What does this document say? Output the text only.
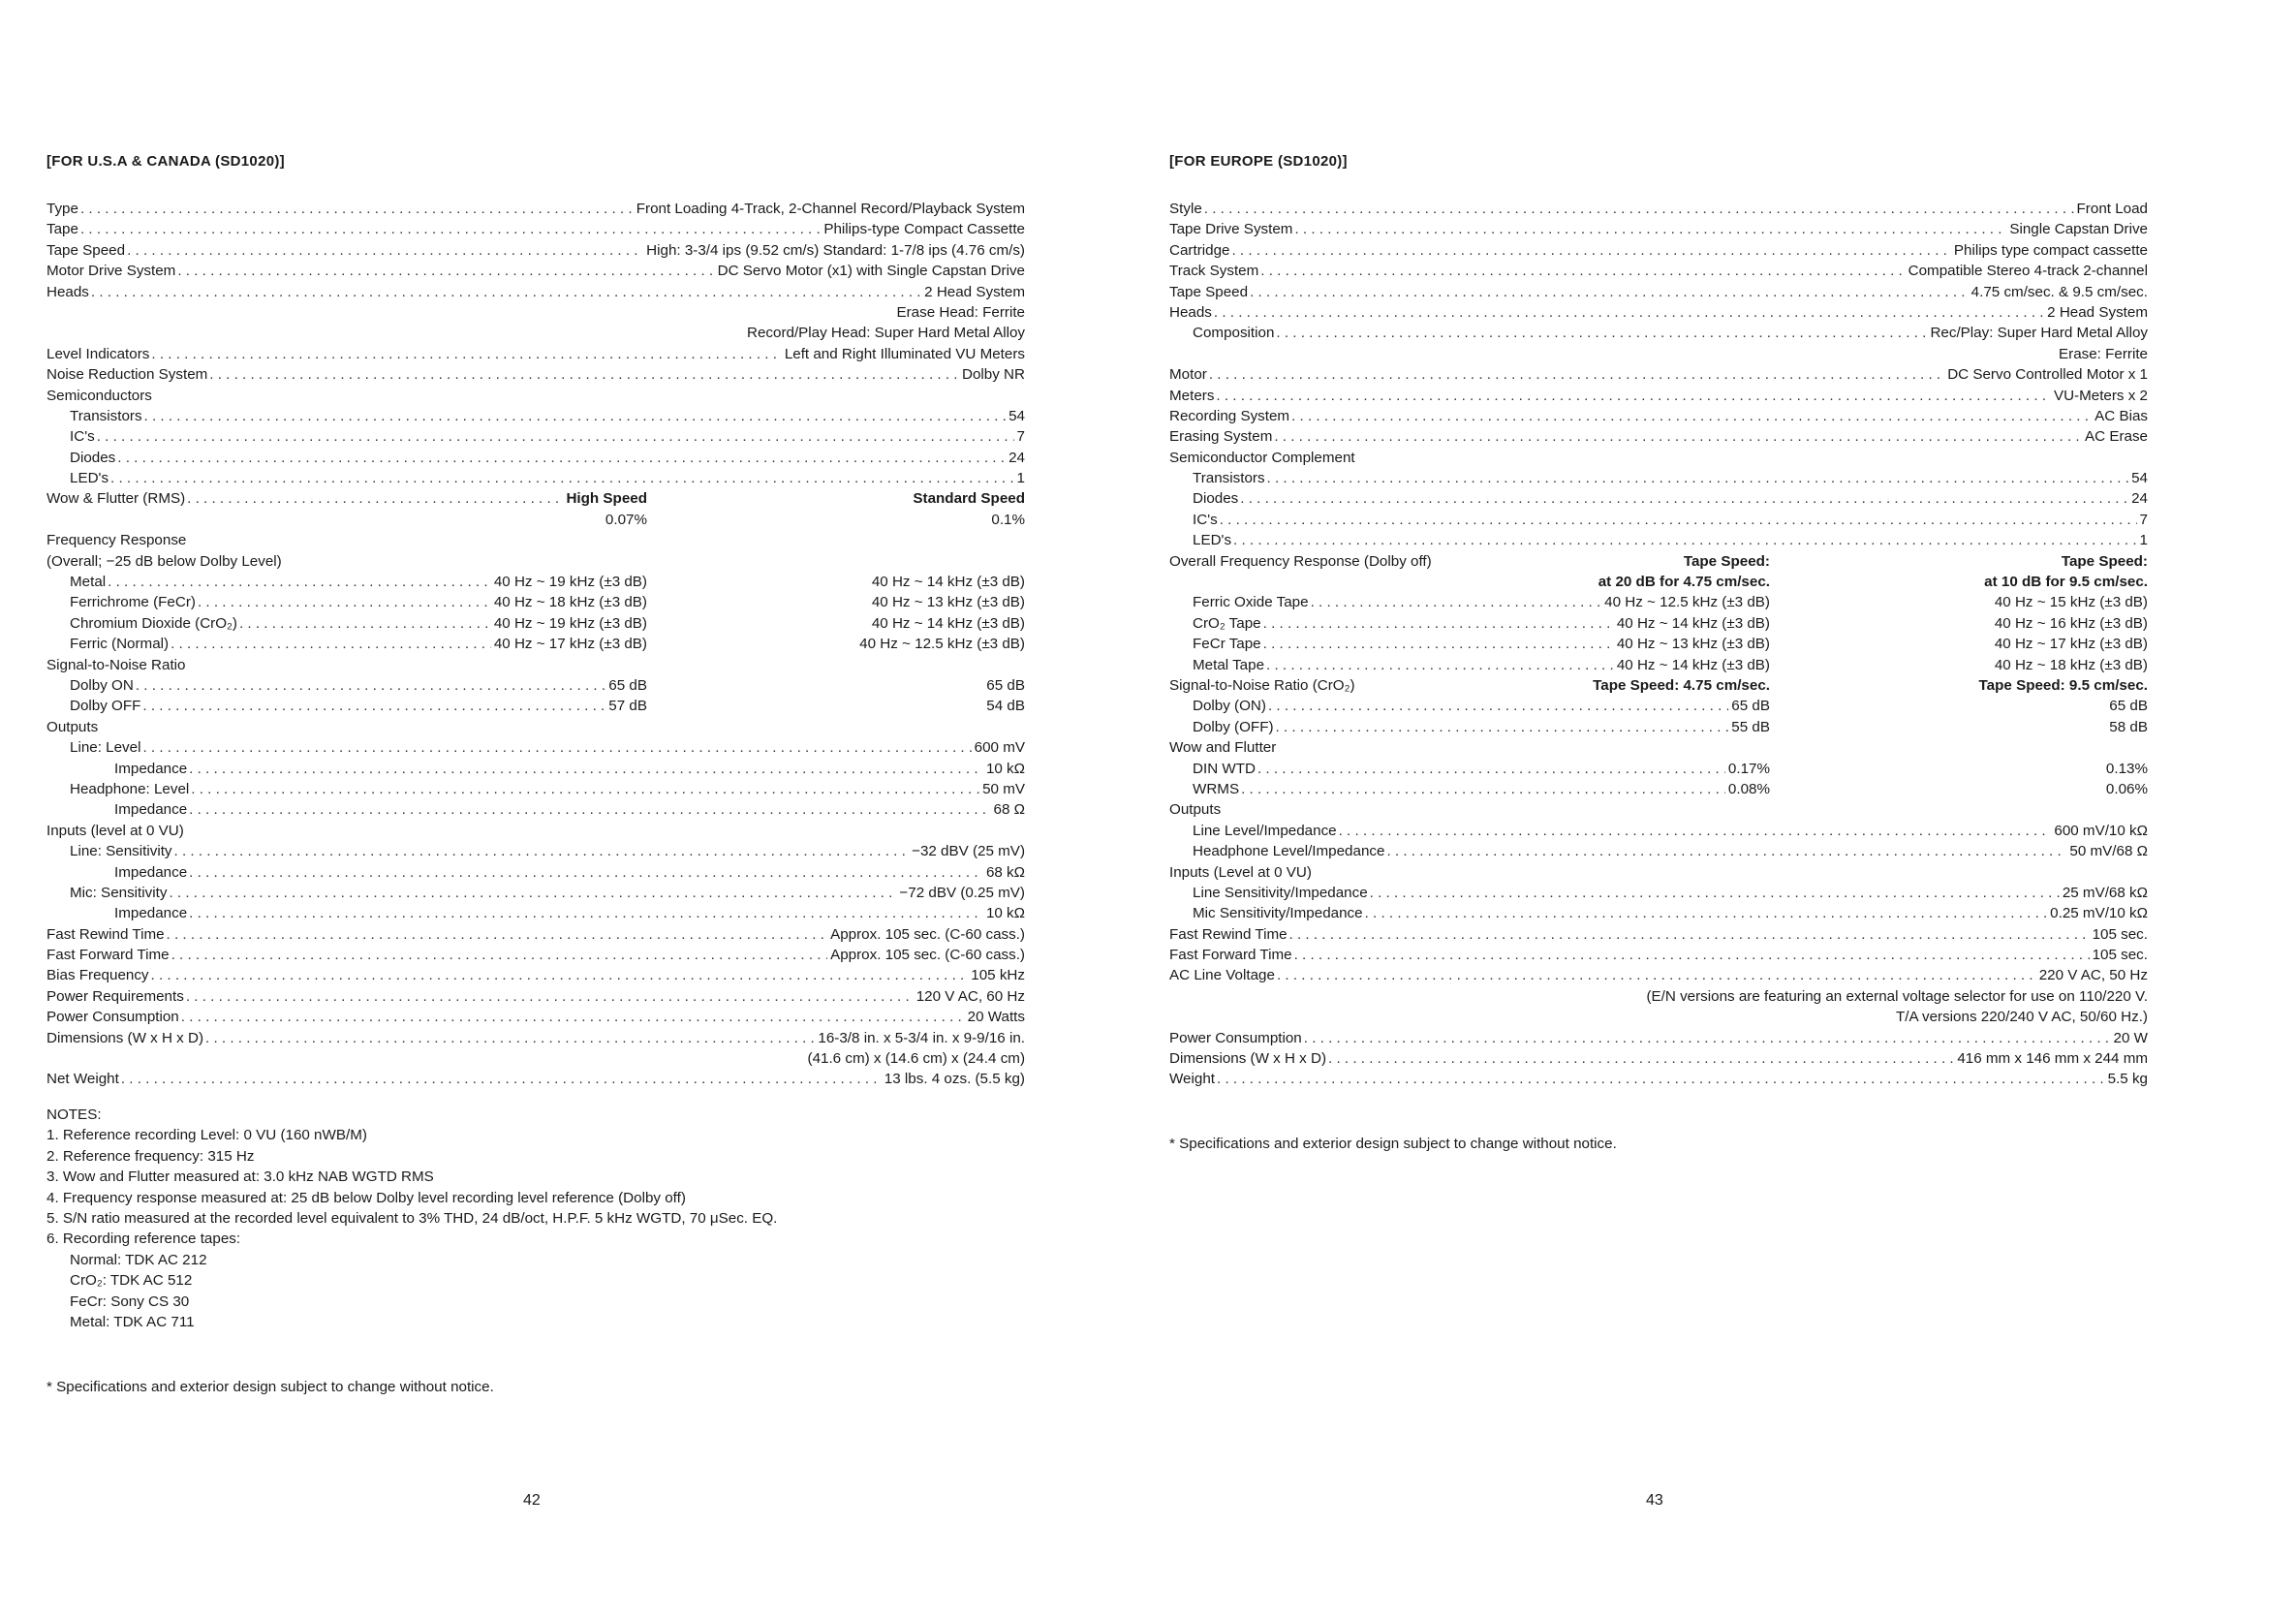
[FOR U.S.A & CANADA (SD1020)]
Type . . .	Front Loading 4-Track, 2-Channel Record/Playback System
Tape . . .	Philips-type Compact Cassette
Tape Speed . . .	High: 3-3/4 ips (9.52 cm/s) Standard: 1-7/8 ips (4.76 cm/s)
Motor Drive System . . .	DC Servo Motor (x1) with Single Capstan Drive
Heads . . .	2 Head System
Erase Head: Ferrite
Record/Play Head: Super Hard Metal Alloy
Level Indicators . . .	Left and Right Illuminated VU Meters
Noise Reduction System . . .	Dolby NR
Semiconductors
Transistors . . .	54
IC's . . .	7
Diodes . . .	24
LED's . . .	1
Wow & Flutter (RMS) . . .	High Speed	Standard Speed
0.07%	0.1%
Frequency Response
(Overall; −25 dB below Dolby Level)
Metal . . .	40 Hz ~ 19 kHz (±3 dB)	40 Hz ~ 14 kHz (±3 dB)
Ferrichrome (FeCr) . . .	40 Hz ~ 18 kHz (±3 dB)	40 Hz ~ 13 kHz (±3 dB)
Chromium Dioxide (CrO₂) . . .	40 Hz ~ 19 kHz (±3 dB)	40 Hz ~ 14 kHz (±3 dB)
Ferric (Normal) . . .	40 Hz ~ 17 kHz (±3 dB)	40 Hz ~ 12.5 kHz (±3 dB)
Signal-to-Noise Ratio
Dolby ON . . .	65 dB	65 dB
Dolby OFF . . .	57 dB	54 dB
Outputs
Line: Level . . .	600 mV
Impedance . . .	10 kΩ
Headphone: Level . . .	50 mV
Impedance . . .	68 Ω
Inputs (level at 0 VU)
Line: Sensitivity . . .	−32 dBV (25 mV)
Impedance . . .	68 kΩ
Mic: Sensitivity . . .	−72 dBV (0.25 mV)
Impedance . . .	10 kΩ
Fast Rewind Time . . .	Approx. 105 sec. (C-60 cass.)
Fast Forward Time . . .	Approx. 105 sec. (C-60 cass.)
Bias Frequency . . .	105 kHz
Power Requirements . . .	120 V AC, 60 Hz
Power Consumption . . .	20 Watts
Dimensions (W x H x D) . . .	16-3/8 in. x 5-3/4 in. x 9-9/16 in.
(41.6 cm) x (14.6 cm) x (24.4 cm)
Net Weight . . .	13 lbs. 4 ozs. (5.5 kg)
NOTES:
1. Reference recording Level: 0 VU (160 nWB/M)
2. Reference frequency: 315 Hz
3. Wow and Flutter measured at: 3.0 kHz NAB WGTD RMS
4. Frequency response measured at: 25 dB below Dolby level recording level reference (Dolby off)
5. S/N ratio measured at the recorded level equivalent to 3% THD, 24 dB/oct, H.P.F. 5 kHz WGTD, 70 μSec. EQ.
6. Recording reference tapes:
Normal: TDK AC 212
CrO₂: TDK AC 512
FeCr: Sony CS 30
Metal: TDK AC 711
* Specifications and exterior design subject to change without notice.
42
[FOR EUROPE (SD1020)]
Style . . .	Front Load
Tape Drive System . . .	Single Capstan Drive
Cartridge . . .	Philips type compact cassette
Track System . . .	Compatible Stereo 4-track 2-channel
Tape Speed . . .	4.75 cm/sec. & 9.5 cm/sec.
Heads . . .	2 Head System
Composition . . .	Rec/Play: Super Hard Metal Alloy
Erase: Ferrite
Motor . . .	DC Servo Controlled Motor x 1
Meters . . .	VU-Meters x 2
Recording System . . .	AC Bias
Erasing System . . .	AC Erase
Semiconductor Complement
Transistors . . .	54
Diodes . . .	24
IC's . . .	7
LED's . . .	1
Overall Frequency Response (Dolby off)	Tape Speed:	Tape Speed:
at 20 dB for 4.75 cm/sec.	at 10 dB for 9.5 cm/sec.
Ferric Oxide Tape . . .	40 Hz ~ 12.5 kHz (±3 dB)	40 Hz ~ 15 kHz (±3 dB)
CrO₂ Tape . . .	40 Hz ~ 14 kHz (±3 dB)	40 Hz ~ 16 kHz (±3 dB)
FeCr Tape . . .	40 Hz ~ 13 kHz (±3 dB)	40 Hz ~ 17 kHz (±3 dB)
Metal Tape . . .	40 Hz ~ 14 kHz (±3 dB)	40 Hz ~ 18 kHz (±3 dB)
Signal-to-Noise Ratio (CrO₂)	Tape Speed: 4.75 cm/sec.	Tape Speed: 9.5 cm/sec.
Dolby (ON) . . .	65 dB	65 dB
Dolby (OFF) . . .	55 dB	58 dB
Wow and Flutter
DIN WTD . . .	0.17%	0.13%
WRMS . . .	0.08%	0.06%
Outputs
Line Level/Impedance . . .	600 mV/10 kΩ
Headphone Level/Impedance . . .	50 mV/68 Ω
Inputs (Level at 0 VU)
Line Sensitivity/Impedance . . .	25 mV/68 kΩ
Mic Sensitivity/Impedance . . .	0.25 mV/10 kΩ
Fast Rewind Time . . .	105 sec.
Fast Forward Time . . .	105 sec.
AC Line Voltage . . .	220 V AC, 50 Hz
(E/N versions are featuring an external voltage selector for use on 110/220 V.
T/A versions 220/240 V AC, 50/60 Hz.)
Power Consumption . . .	20 W
Dimensions (W x H x D) . . .	416 mm x 146 mm x 244 mm
Weight . . .	5.5 kg
* Specifications and exterior design subject to change without notice.
43
